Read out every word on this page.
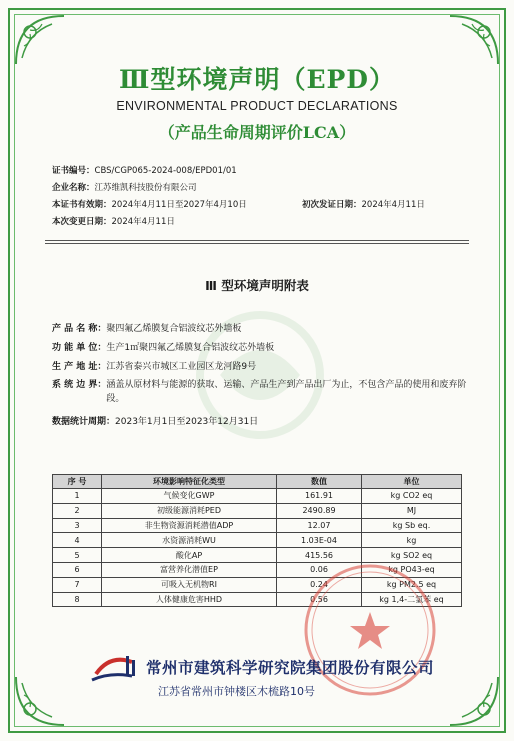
Ⅲ型环境声明（EPD）
ENVIRONMENTAL PRODUCT DECLARATIONS
（产品生命周期评价LCA）
证书编号：CBS/CGP065-2024-008/EPD01/01
企业名称：江苏维凯科技股份有限公司
本证书有效期：2024年4月11日至2027年4月10日	初次发证日期：2024年4月11日
本次变更日期：2024年4月11日
Ⅲ 型环境声明附表
产 品 名 称： 聚四氟乙烯膜复合铝波纹芯外墙板
功 能 单 位： 生产1㎡聚四氟乙烯膜复合铝波纹芯外墙板
生 产 地 址： 江苏省泰兴市城区工业园区龙河路9号
系 统 边 界： 涵盖从原材料与能源的获取、运输、产品生产到产品出厂为止，不包含产品的使用和废弃阶段。
数据统计周期： 2023年1月1日至2023年12月31日
序 号	环境影响特征化类型	数值	单位
1	气候变化GWP	161.91	kg CO2 eq
2	初级能源消耗PED	2490.89	MJ
3	非生物资源消耗潜值ADP	12.07	kg Sb eq.
4	水资源消耗WU	1.03E-04	kg
5	酸化AP	415.56	kg SO2 eq
6	富营养化潜值EP	0.06	kg PO43-eq
7	可吸入无机物RI	0.24	kg PM2.5 eq
8	人体健康危害HHD	0.56	kg 1,4-二氯苯 eq
常州市建筑科学研究院集团股份有限公司
江苏省常州市钟楼区木梳路10号
